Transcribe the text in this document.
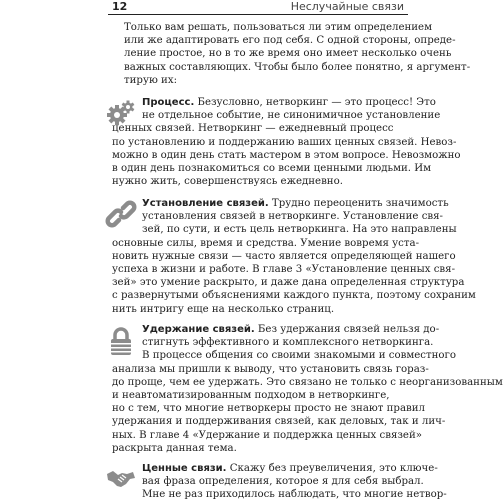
12	Неслучайные связи
Только вам решать, пользоваться ли этим определением
или же адаптировать его под себя. С одной стороны, опреде-
ление простое, но в то же время оно имеет несколько очень
важных составляющих. Чтобы было более понятно, я аргумент-
тирую их:
Процесс. Безусловно, нетворкинг — это процесс! Это
не отдельное событие, не синонимичное установление
ценных связей. Нетворкинг — ежедневный процесс
по установлению и поддержанию ваших ценных связей. Невоз-
можно в один день стать мастером в этом вопросе. Невозможно
в один день познакомиться со всеми ценными людьми. Им
нужно жить, совершенствуясь ежедневно.
Установление связей. Трудно переоценить значимость
установления связей в нетворкинге. Установление свя-
зей, по сути, и есть цель нетворкинга. На это направлены
основные силы, время и средства. Умение вовремя уста-
новить нужные связи — часто является определяющей нашего
успеха в жизни и работе. В главе 3 «Установление ценных свя-
зей» это умение раскрыто, и даже дана определенная структура
с развернутыми объяснениями каждого пункта, поэтому сохраним
нить интригу еще на несколько страниц.
Удержание связей. Без удержания связей нельзя до-
стигнуть эффективного и комплексного нетворкинга.
В процессе общения со своими знакомыми и совместного
анализа мы пришли к выводу, что установить связь гораз-
до проще, чем ее удержать. Это связано не только с неорганизованным
и неавтоматизированным подходом в нетворкинге,
но с тем, что многие нетворкеры просто не знают правил
удержания и поддерживания связей, как деловых, так и лич-
ных. В главе 4 «Удержание и поддержка ценных связей»
раскрыта данная тема.
Ценные связи. Скажу без преувеличения, это ключе-
вая фраза определения, которое я для себя выбрал.
Мне не раз приходилось наблюдать, что многие нетвор-
